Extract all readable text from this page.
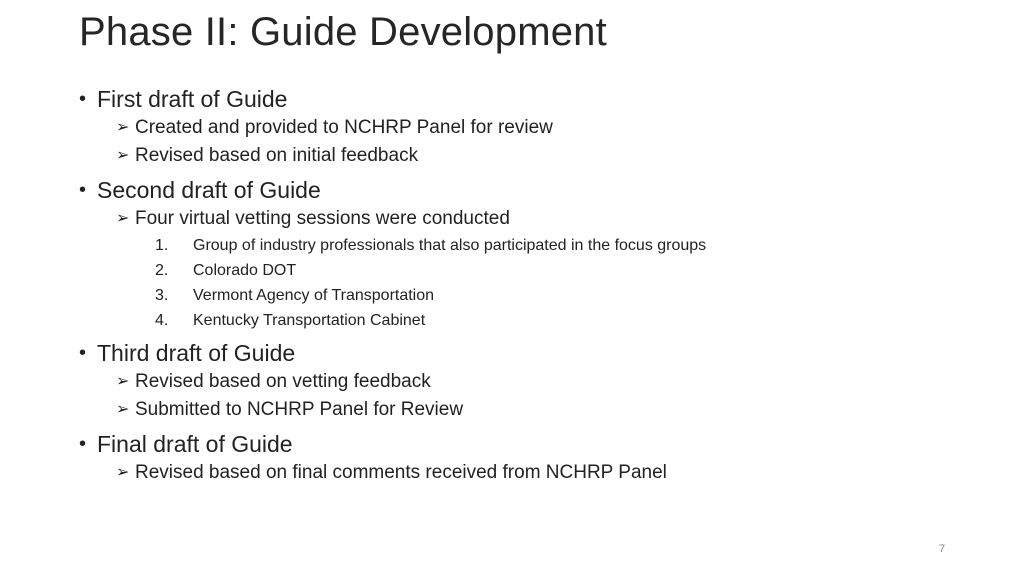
Phase II: Guide Development
• First draft of Guide
➢ Created and provided to NCHRP Panel for review
➢ Revised based on initial feedback
• Second draft of Guide
➢ Four virtual vetting sessions were conducted
1. Group of industry professionals that also participated in the focus groups
2. Colorado DOT
3. Vermont Agency of Transportation
4. Kentucky Transportation Cabinet
• Third draft of Guide
➢ Revised based on vetting feedback
➢ Submitted to NCHRP Panel for Review
• Final draft of Guide
➢ Revised based on final comments received from NCHRP Panel
7
